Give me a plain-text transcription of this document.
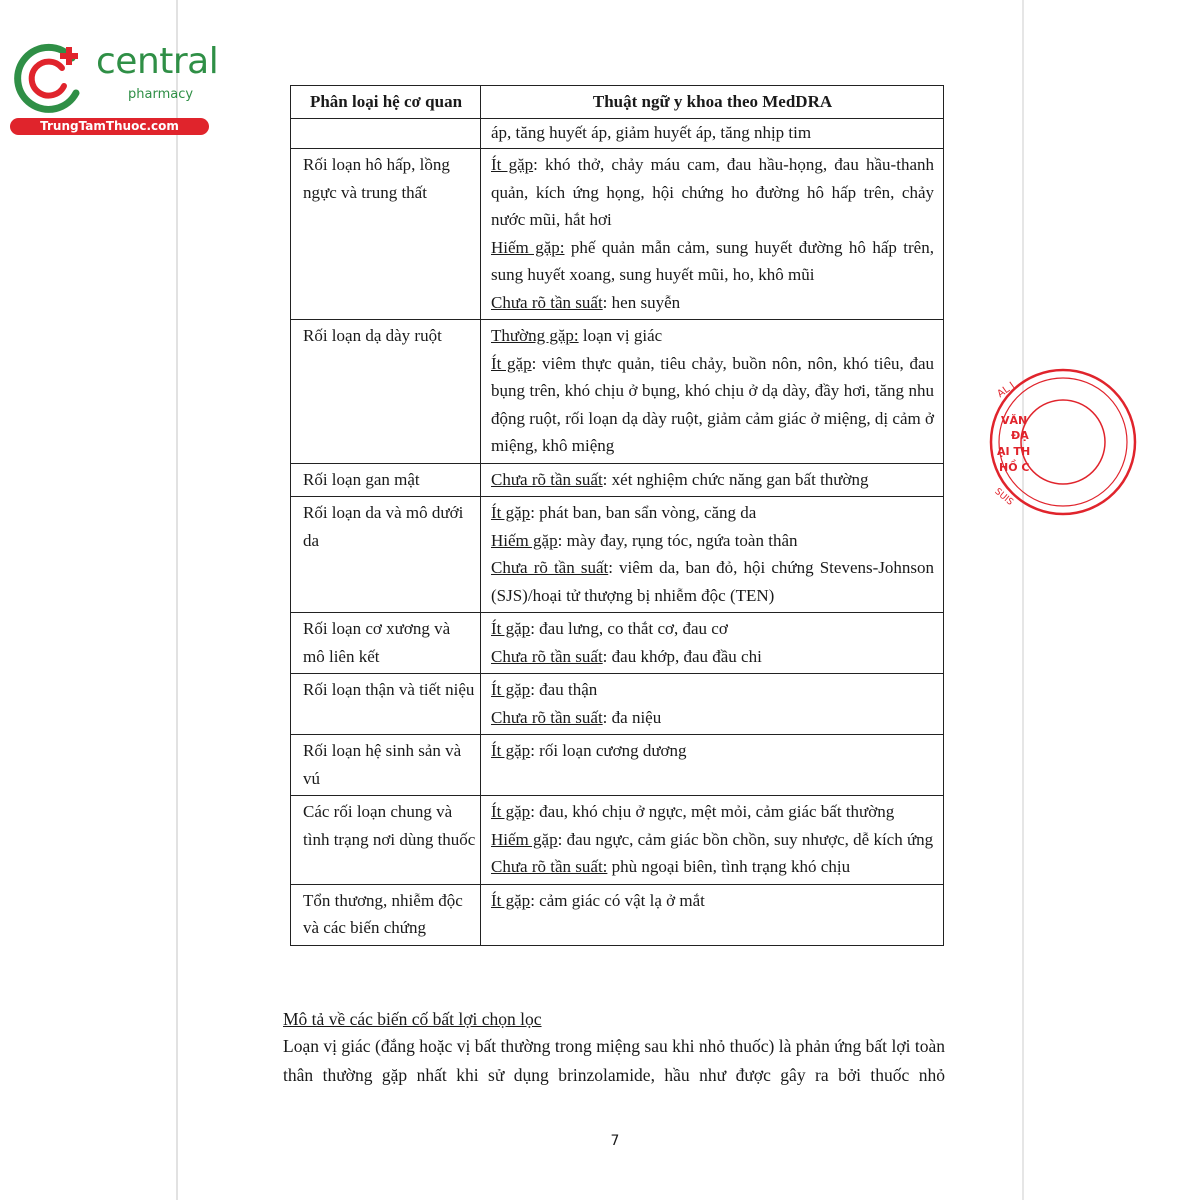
central
pharmacy
TrungTamThuoc.com
AL I
VĂN
ĐẠ
ẠI TH
HỒ C
SUIS
Phân loại hệ cơ quan	Thuật ngữ y khoa theo MedDRA
	áp, tăng huyết áp, giảm huyết áp, tăng nhịp tim
Rối loạn hô hấp, lồng ngực và trung thất	Ít gặp: khó thở, chảy máu cam, đau hầu-họng, đau hầu-thanh quản, kích ứng họng, hội chứng ho đường hô hấp trên, chảy nước mũi, hắt hơi
Hiếm gặp: phế quản mẫn cảm, sung huyết đường hô hấp trên, sung huyết xoang, sung huyết mũi, ho, khô mũi
Chưa rõ tần suất: hen suyễn

Rối loạn dạ dày ruột	Thường gặp: loạn vị giác
Ít gặp: viêm thực quản, tiêu chảy, buồn nôn, nôn, khó tiêu, đau bụng trên, khó chịu ở bụng, khó chịu ở dạ dày, đầy hơi, tăng nhu động ruột, rối loạn dạ dày ruột, giảm cảm giác ở miệng, dị cảm ở miệng, khô miệng

Rối loạn gan mật	Chưa rõ tần suất: xét nghiệm chức năng gan bất thường

Rối loạn da và mô dưới da	Ít gặp: phát ban, ban sẩn vòng, căng da
Hiếm gặp: mày đay, rụng tóc, ngứa toàn thân
Chưa rõ tần suất: viêm da, ban đỏ, hội chứng Stevens-Johnson (SJS)/hoại tử thượng bị nhiễm độc (TEN)

Rối loạn cơ xương và mô liên kết	Ít gặp: đau lưng, co thắt cơ, đau cơ
Chưa rõ tần suất: đau khớp, đau đầu chi

Rối loạn thận và tiết niệu	Ít gặp: đau thận
Chưa rõ tần suất: đa niệu

Rối loạn hệ sinh sản và vú	Ít gặp: rối loạn cương dương

Các rối loạn chung và tình trạng nơi dùng thuốc	Ít gặp: đau, khó chịu ở ngực, mệt mỏi, cảm giác bất thường
Hiếm gặp: đau ngực, cảm giác bồn chồn, suy nhược, dễ kích ứng
Chưa rõ tần suất: phù ngoại biên, tình trạng khó chịu

Tổn thương, nhiễm độc và các biến chứng	Ít gặp: cảm giác có vật lạ ở mắt
Mô tả về các biến cố bất lợi chọn lọc
Loạn vị giác (đắng hoặc vị bất thường trong miệng sau khi nhỏ thuốc) là phản ứng bất lợi toàn thân thường gặp nhất khi sử dụng brinzolamide, hầu như được gây ra bởi thuốc nhỏ
7
